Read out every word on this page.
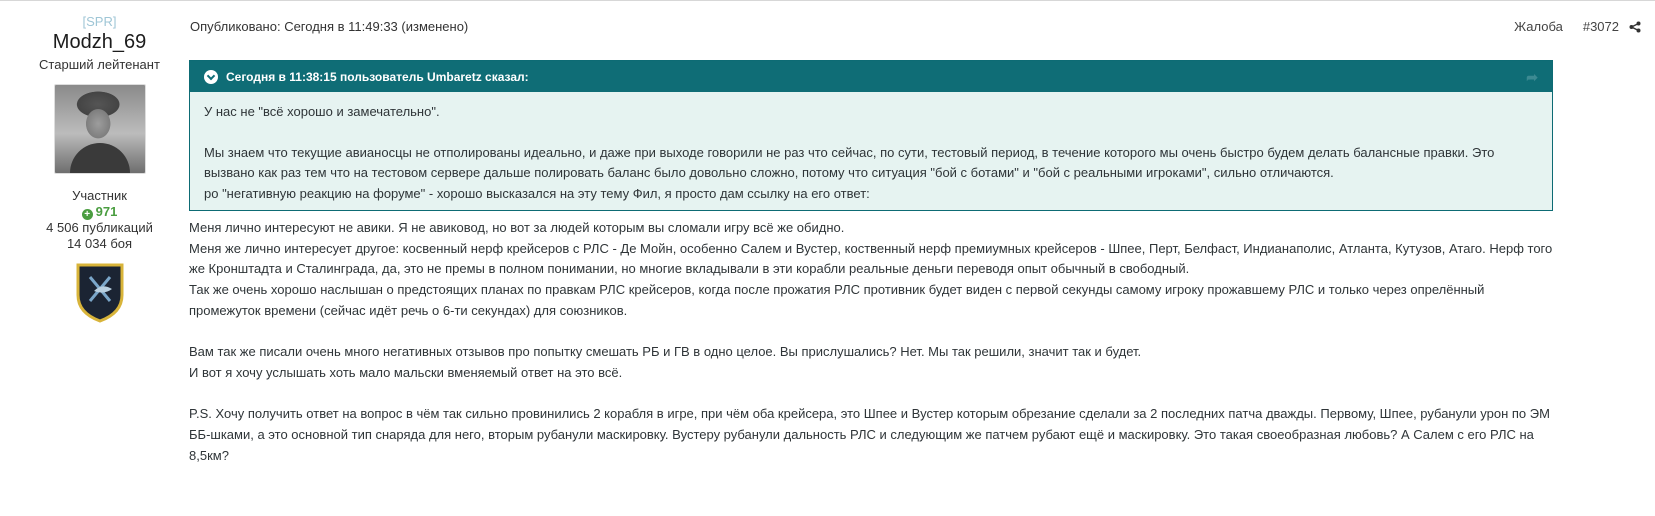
[SPR]
Modzh_69
Старший лейтенант
Участник
+ 971
4 506 публикаций
14 034 боя
Опубликовано: Сегодня в 11:49:33 (изменено)	Жалоба #3072
Сегодня в 11:38:15 пользователь Umbaretz сказал:	➦

У нас не "всё хорошо и замечательно".

Мы знаем что текущие авианосцы не отполированы идеально, и даже при выходе говорили не раз что сейчас, по сути, тестовый период, в течение которого мы очень быстро будем делать балансные правки. Это вызвано как раз тем что на тестовом сервере дальше полировать баланс было довольно сложно, потому что ситуация "бой с ботами" и "бой с реальными игроками", сильно отличаются.

ро "негативную реакцию на форуме" - хорошо высказался на эту тему Фил, я просто дам ссылку на его ответ:

Меня лично интересуют не авики. Я не авиковод, но вот за людей которым вы сломали игру всё же обидно.

Меня же лично интересует другое: косвенный нерф крейсеров с РЛС - Де Мойн, особенно Салем и Вустер, коственный нерф премиумных крейсеров - Шпее, Перт, Белфаст, Индианаполис, Атланта, Кутузов, Атаго. Нерф того же Кронштадта и Сталинграда, да, это не премы в полном понимании, но многие вкладывали в эти корабли реальные деньги переводя опыт обычный в свободный.

Так же очень хорошо наслышан о предстоящих планах по правкам РЛС крейсеров, когда после прожатия РЛС противник будет виден с первой секунды самому игроку прожавшему РЛС и только через опрелённый промежуток времени (сейчас идёт речь о 6-ти секундах) для союзников.

Вам так же писали очень много негативных отзывов про попытку смешать РБ и ГВ в одно целое. Вы прислушались? Нет. Мы так решили, значит так и будет.

И вот я хочу услышать хоть мало мальски вменяемый ответ на это всё.

P.S. Хочу получить ответ на вопрос в чём так сильно провинились 2 корабля в игре, при чём оба крейсера, это Шпее и Вустер которым обрезание сделали за 2 последних патча дважды. Первому, Шпее, рубанули урон по ЭМ ББ-шками, а это основной тип снаряда для него, вторым рубанули маскировку. Вустеру рубанули дальность РЛС и следующим же патчем рубают ещё и маскировку. Это такая своеобразная любовь? А Салем с его РЛС на 8,5км?
